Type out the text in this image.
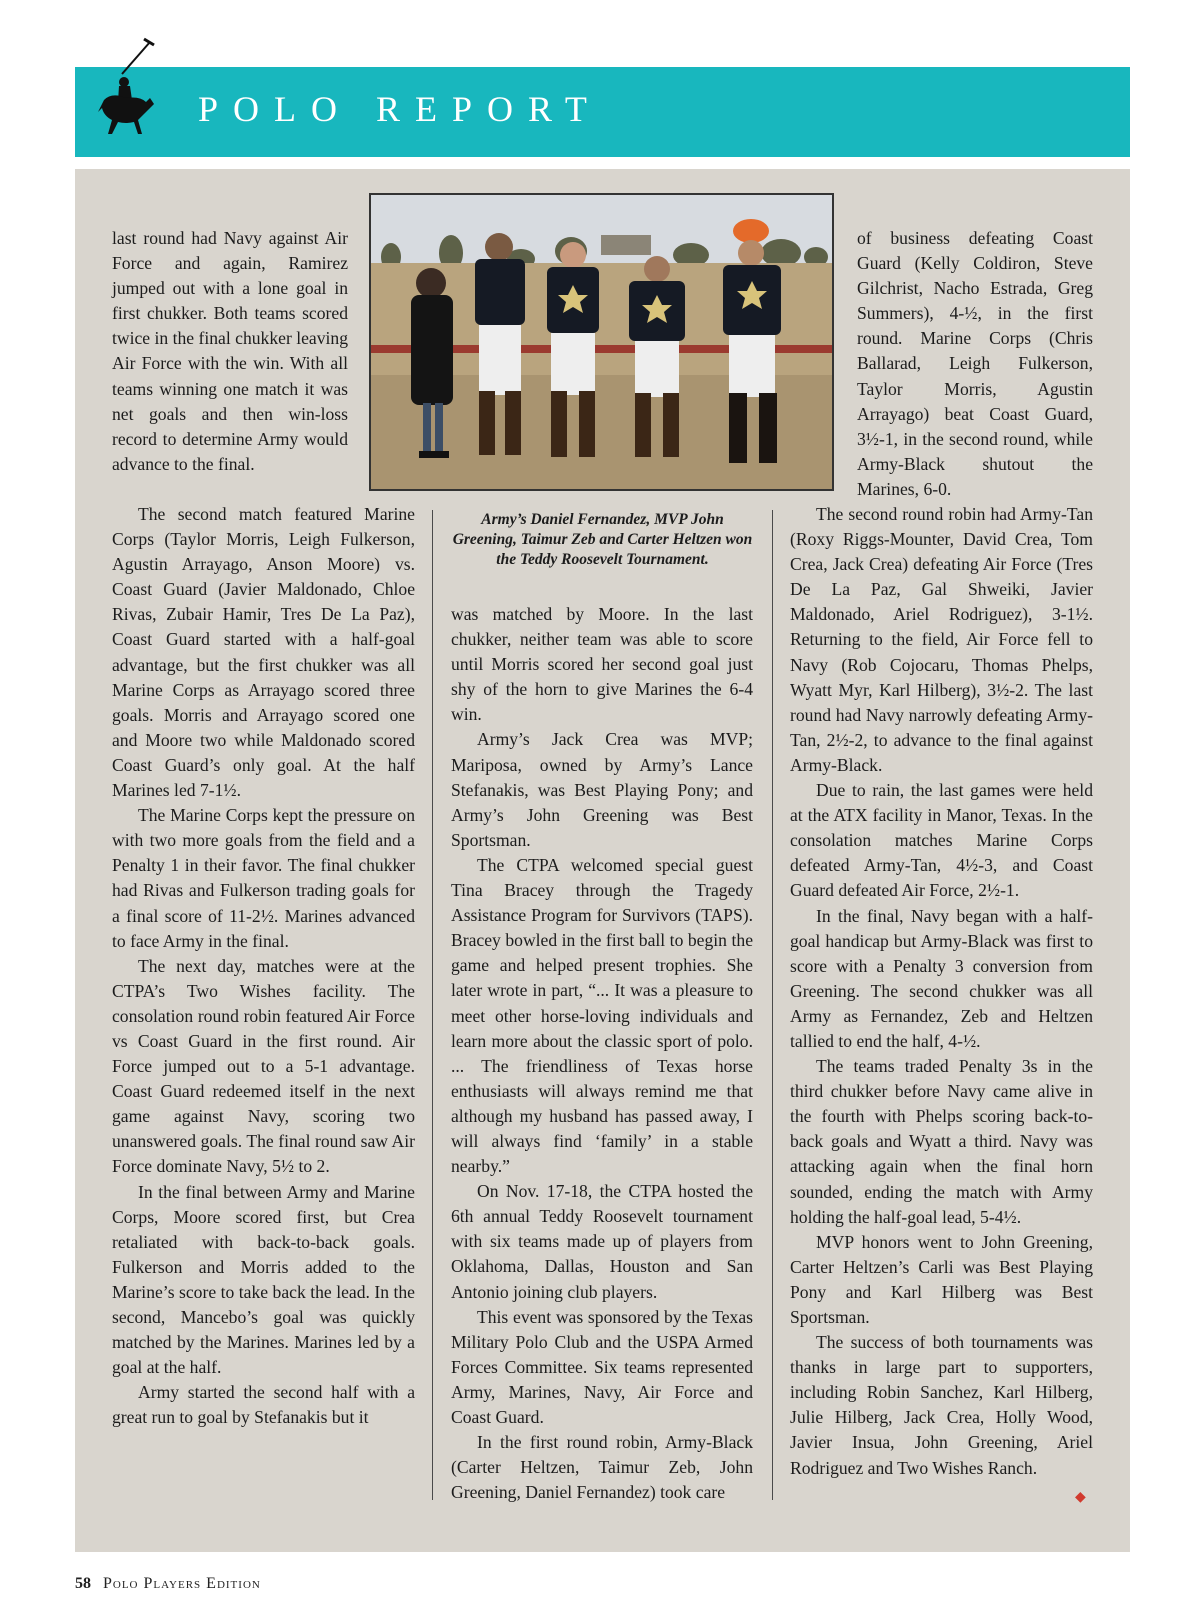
POLO REPORT

last round had Navy against Air Force and again, Ramirez jumped out with a lone goal in first chukker. Both teams scored twice in the final chukker leaving Air Force with the win. With all teams winning one match it was net goals and then win-loss record to determine Army would advance to the final.

The second match featured Marine Corps (Taylor Morris, Leigh Fulkerson, Agustin Arrayago, Anson Moore) vs. Coast Guard (Javier Maldonado, Chloe Rivas, Zubair Hamir, Tres De La Paz), Coast Guard started with a half-goal advantage, but the first chukker was all Marine Corps as Arrayago scored three goals. Morris and Arrayago scored one and Moore two while Maldonado scored Coast Guard’s only goal. At the half Marines led 7-1½.

The Marine Corps kept the pressure on with two more goals from the field and a Penalty 1 in their favor. The final chukker had Rivas and Fulkerson trading goals for a final score of 11-2½. Marines advanced to face Army in the final.

The next day, matches were at the CTPA’s Two Wishes facility. The consolation round robin featured Air Force vs Coast Guard in the first round. Air Force jumped out to a 5-1 advantage. Coast Guard redeemed itself in the next game against Navy, scoring two unanswered goals. The final round saw Air Force dominate Navy, 5½ to 2.

In the final between Army and Marine Corps, Moore scored first, but Crea retaliated with back-to-back goals. Fulkerson and Morris added to the Marine’s score to take back the lead. In the second, Mancebo’s goal was quickly matched by the Marines. Marines led by a goal at the half.

Army started the second half with a great run to goal by Stefanakis but it

Army’s Daniel Fernandez, MVP John Greening, Taimur Zeb and Carter Heltzen won the Teddy Roosevelt Tournament.

was matched by Moore. In the last chukker, neither team was able to score until Morris scored her second goal just shy of the horn to give Marines the 6-4 win.

Army’s Jack Crea was MVP; Mariposa, owned by Army’s Lance Stefanakis, was Best Playing Pony; and Army’s John Greening was Best Sportsman.

The CTPA welcomed special guest Tina Bracey through the Tragedy Assistance Program for Survivors (TAPS). Bracey bowled in the first ball to begin the game and helped present trophies. She later wrote in part, “... It was a pleasure to meet other horse-loving individuals and learn more about the classic sport of polo. ... The friendliness of Texas horse enthusiasts will always remind me that although my husband has passed away, I will always find ‘family’ in a stable nearby.”

On Nov. 17-18, the CTPA hosted the 6th annual Teddy Roosevelt tournament with six teams made up of players from Oklahoma, Dallas, Houston and San Antonio joining club players.

This event was sponsored by the Texas Military Polo Club and the USPA Armed Forces Committee. Six teams represented Army, Marines, Navy, Air Force and Coast Guard.

In the first round robin, Army-Black (Carter Heltzen, Taimur Zeb, John Greening, Daniel Fernandez) took care

of business defeating Coast Guard (Kelly Coldiron, Steve Gilchrist, Nacho Estrada, Greg Summers), 4-½, in the first round. Marine Corps (Chris Ballarad, Leigh Fulkerson, Taylor Morris, Agustin Arrayago) beat Coast Guard, 3½-1, in the second round, while Army-Black shutout the Marines, 6-0.

The second round robin had Army-Tan (Roxy Riggs-Mounter, David Crea, Tom Crea, Jack Crea) defeating Air Force (Tres De La Paz, Gal Shweiki, Javier Maldonado, Ariel Rodriguez), 3-1½. Returning to the field, Air Force fell to Navy (Rob Cojocaru, Thomas Phelps, Wyatt Myr, Karl Hilberg), 3½-2. The last round had Navy narrowly defeating Army-Tan, 2½-2, to advance to the final against Army-Black.

Due to rain, the last games were held at the ATX facility in Manor, Texas. In the consolation matches Marine Corps defeated Army-Tan, 4½-3, and Coast Guard defeated Air Force, 2½-1.

In the final, Navy began with a half-goal handicap but Army-Black was first to score with a Penalty 3 conversion from Greening. The second chukker was all Army as Fernandez, Zeb and Heltzen tallied to end the half, 4-½.

The teams traded Penalty 3s in the third chukker before Navy came alive in the fourth with Phelps scoring back-to-back goals and Wyatt a third. Navy was attacking again when the final horn sounded, ending the match with Army holding the half-goal lead, 5-4½.

MVP honors went to John Greening, Carter Heltzen’s Carli was Best Playing Pony and Karl Hilberg was Best Sportsman.

The success of both tournaments was thanks in large part to supporters, including Robin Sanchez, Karl Hilberg, Julie Hilberg, Jack Crea, Holly Wood, Javier Insua, John Greening, Ariel Rodriguez and Two Wishes Ranch.

◆
58 Polo Players Edition
